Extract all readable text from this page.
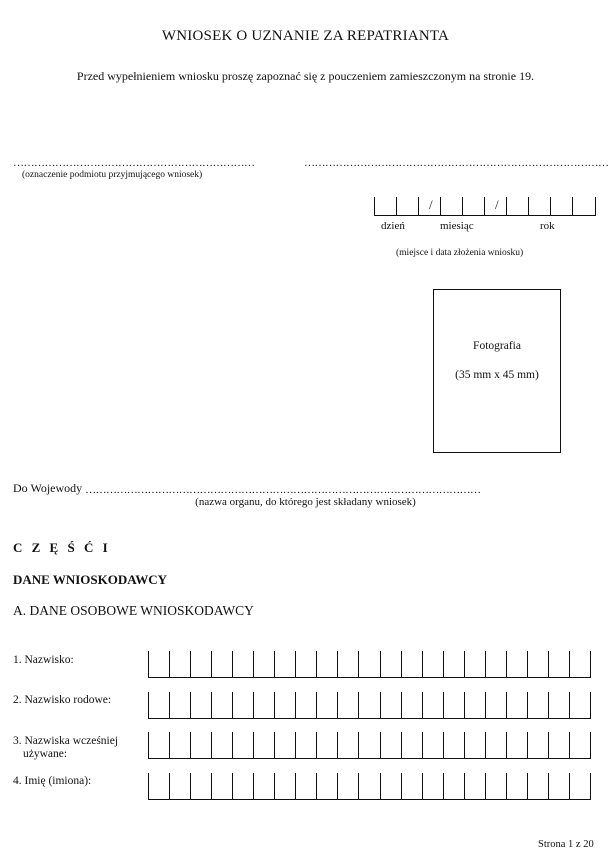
WNIOSEK O UZNANIE ZA REPATRIANTA
Przed wypełnieniem wniosku proszę zapoznać się z pouczeniem zamieszczonym na stronie 19.
……………………………………………………………	……………………………………………………………………………
(oznaczenie podmiotu przyjmującego wniosek)
/	/
dzień	miesiąc	rok
(miejsce i data złożenia wniosku)
Fotografia
(35 mm x 45 mm)
Do Wojewody ……………………………………………………………………………………………………
(nazwa organu, do którego jest składany wniosek)
C Z Ę Ś Ć I
DANE WNIOSKODAWCY
A. DANE OSOBOWE WNIOSKODAWCY
1. Nazwisko:
2. Nazwisko rodowe:
3. Nazwiska wcześniej
używane:
4. Imię (imiona):
Strona 1 z 20
